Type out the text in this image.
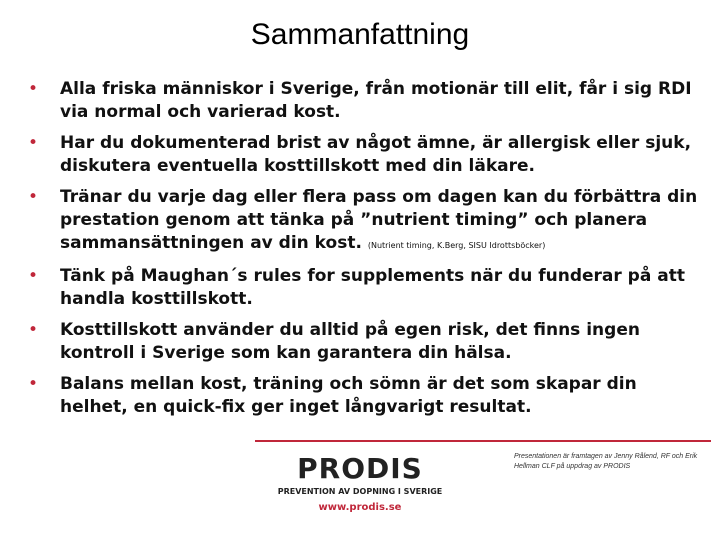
Sammanfattning
• Alla friska människor i Sverige, från motionär till elit, får i sig RDI via normal och varierad kost.
• Har du dokumenterad brist av något ämne, är allergisk eller sjuk, diskutera eventuella kosttillskott med din läkare.
• Tränar du varje dag eller flera pass om dagen kan du förbättra din prestation genom att tänka på ”nutrient timing” och planera sammansättningen av din kost. (Nutrient timing, K.Berg, SISU Idrottsböcker)
• Tänk på Maughan´s rules for supplements när du funderar på att handla kosttillskott.
• Kosttillskott använder du alltid på egen risk, det finns ingen kontroll i Sverige som kan garantera din hälsa.
• Balans mellan kost, träning och sömn är det som skapar din helhet, en quick-fix ger inget långvarigt resultat.
PRODIS
PREVENTION AV DOPNING I SVERIGE
www.prodis.se
Presentationen är framtagen av Jenny Rålend, RF och Erik Hellman CLF på uppdrag av PRODIS
